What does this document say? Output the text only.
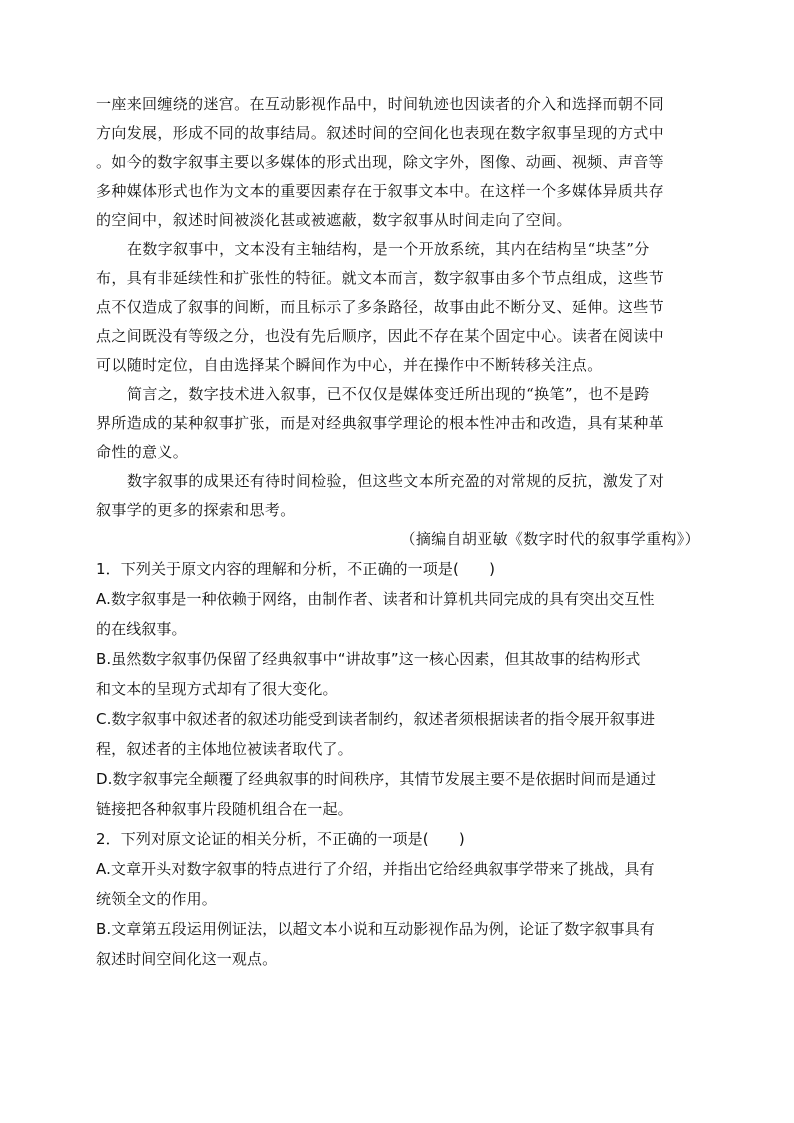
一座来回缠绕的迷宫。在互动影视作品中，时间轨迹也因读者的介入和选择而朝不同
方向发展，形成不同的故事结局。叙述时间的空间化也表现在数字叙事呈现的方式中
。如今的数字叙事主要以多媒体的形式出现，除文字外，图像、动画、视频、声音等
多种媒体形式也作为文本的重要因素存在于叙事文本中。在这样一个多媒体异质共存
的空间中，叙述时间被淡化甚或被遮蔽，数字叙事从时间走向了空间。
在数字叙事中，文本没有主轴结构，是一个开放系统，其内在结构呈“块茎”分
布，具有非延续性和扩张性的特征。就文本而言，数字叙事由多个节点组成，这些节
点不仅造成了叙事的间断，而且标示了多条路径，故事由此不断分叉、延伸。这些节
点之间既没有等级之分，也没有先后顺序，因此不存在某个固定中心。读者在阅读中
可以随时定位，自由选择某个瞬间作为中心，并在操作中不断转移关注点。
简言之，数字技术进入叙事，已不仅仅是媒体变迁所出现的“换笔”，也不是跨
界所造成的某种叙事扩张，而是对经典叙事学理论的根本性冲击和改造，具有某种革
命性的意义。
数字叙事的成果还有待时间检验，但这些文本所充盈的对常规的反抗，激发了对
叙事学的更多的探索和思考。
（摘编自胡亚敏《数字时代的叙事学重构》）
1．下列关于原文内容的理解和分析，不正确的一项是(　　)
A.数字叙事是一种依赖于网络，由制作者、读者和计算机共同完成的具有突出交互性
的在线叙事。
B.虽然数字叙事仍保留了经典叙事中“讲故事”这一核心因素，但其故事的结构形式
和文本的呈现方式却有了很大变化。
C.数字叙事中叙述者的叙述功能受到读者制约，叙述者须根据读者的指令展开叙事进
程，叙述者的主体地位被读者取代了。
D.数字叙事完全颠覆了经典叙事的时间秩序，其情节发展主要不是依据时间而是通过
链接把各种叙事片段随机组合在一起。
2．下列对原文论证的相关分析，不正确的一项是(　　)
A.文章开头对数字叙事的特点进行了介绍，并指出它给经典叙事学带来了挑战，具有
统领全文的作用。
B.文章第五段运用例证法，以超文本小说和互动影视作品为例，论证了数字叙事具有
叙述时间空间化这一观点。
